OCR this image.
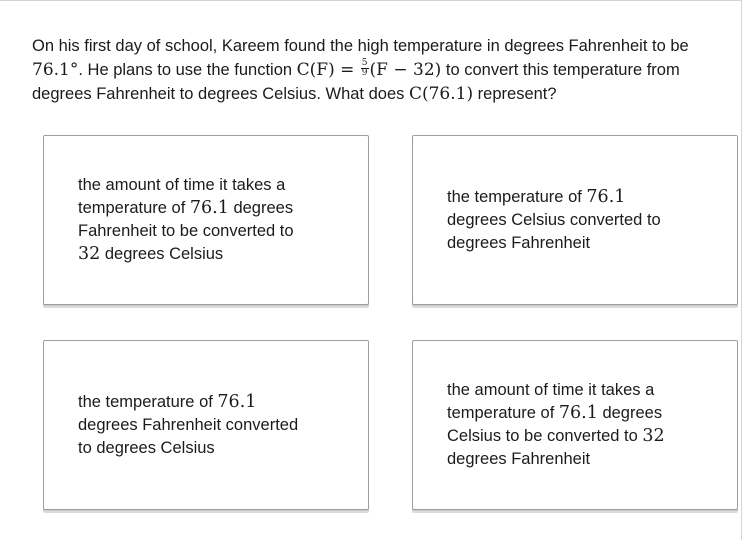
On his first day of school, Kareem found the high temperature in degrees Fahrenheit to be 76.1°. He plans to use the function $C(F) = \frac{5}{9} (F - 32)$ to convert this temperature from degrees Fahrenheit to degrees Celsius. What does C(76.1) represent?

the amount of time it takes a temperature of 76.1 degrees Fahrenheit to be converted to 32 degrees Celsius
the temperature of 76.1 degrees Celsius converted to degrees Fahrenheit
the temperature of 76.1 degrees Fahrenheit converted to degrees Celsius
the amount of time it takes a temperature of 76.1 degrees Celsius to be converted to 32 degrees Fahrenheit
